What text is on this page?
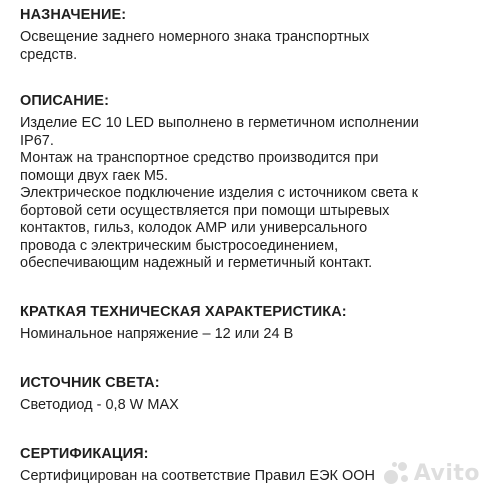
НАЗНАЧЕНИЕ:
Освещение заднего номерного знака транспортных
средств.
ОПИСАНИЕ:
Изделие ЕС 10 LED выполнено в герметичном исполнении
IP67.
Монтаж на транспортное средство производится при
помощи двух гаек М5.
Электрическое подключение изделия с источником света к
бортовой сети осуществляется при помощи штыревых
контактов, гильз, колодок АМР или универсального
провода с электрическим быстросоединением,
обеспечивающим надежный и герметичный контакт.
КРАТКАЯ ТЕХНИЧЕСКАЯ ХАРАКТЕРИСТИКА:
Номинальное напряжение – 12 или 24 В
ИСТОЧНИК СВЕТА:
Светодиод - 0,8 W MAX
СЕРТИФИКАЦИЯ:
Сертифицирован на соответствие Правил ЕЭК ООН	Avito
